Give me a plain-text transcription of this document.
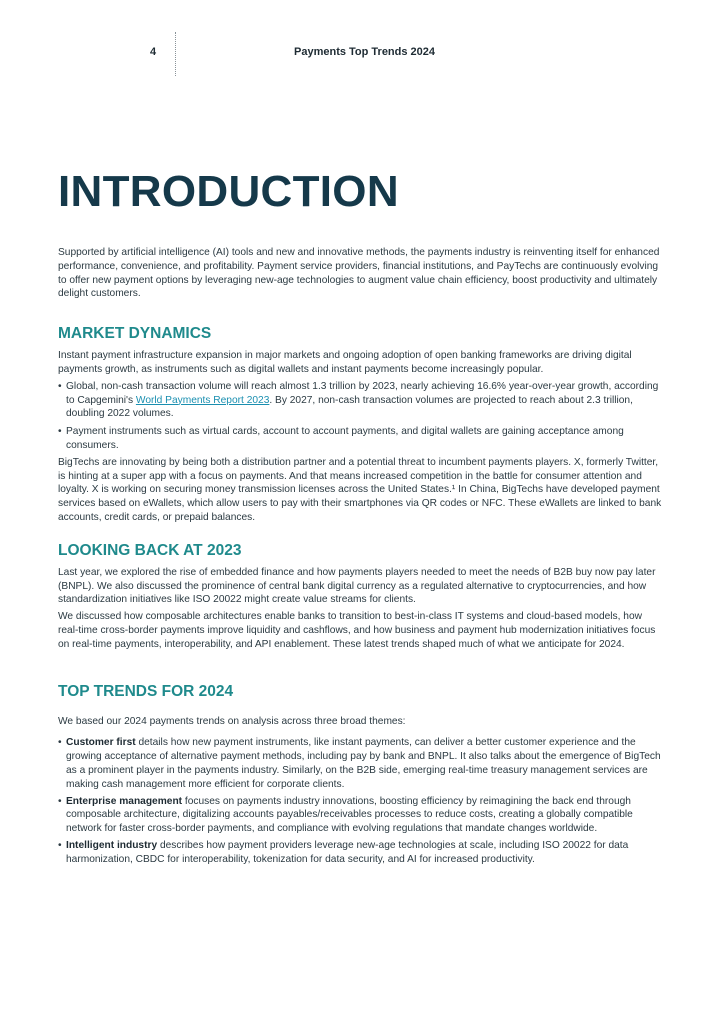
4	Payments Top Trends 2024
INTRODUCTION

Supported by artificial intelligence (AI) tools and new and innovative methods, the payments industry is reinventing itself for enhanced performance, convenience, and profitability. Payment service providers, financial institutions, and PayTechs are continuously evolving to offer new payment options by leveraging new-age technologies to augment value chain efficiency, boost productivity and ultimately delight customers.

MARKET DYNAMICS

Instant payment infrastructure expansion in major markets and ongoing adoption of open banking frameworks are driving digital payments growth, as instruments such as digital wallets and instant payments become increasingly popular.

• Global, non-cash transaction volume will reach almost 1.3 trillion by 2023, nearly achieving 16.6% year-over-year growth, according to Capgemini's World Payments Report 2023. By 2027, non-cash transaction volumes are projected to reach about 2.3 trillion, doubling 2022 volumes.
• Payment instruments such as virtual cards, account to account payments, and digital wallets are gaining acceptance among consumers.

BigTechs are innovating by being both a distribution partner and a potential threat to incumbent payments players. X, formerly Twitter, is hinting at a super app with a focus on payments. And that means increased competition in the battle for consumer attention and loyalty. X is working on securing money transmission licenses across the United States.¹ In China, BigTechs have developed payment services based on eWallets, which allow users to pay with their smartphones via QR codes or NFC. These eWallets are linked to bank accounts, credit cards, or prepaid balances.

LOOKING BACK AT 2023

Last year, we explored the rise of embedded finance and how payments players needed to meet the needs of B2B buy now pay later (BNPL). We also discussed the prominence of central bank digital currency as a regulated alternative to cryptocurrencies, and how standardization initiatives like ISO 20022 might create value streams for clients.

We discussed how composable architectures enable banks to transition to best-in-class IT systems and cloud-based models, how real-time cross-border payments improve liquidity and cashflows, and how business and payment hub modernization initiatives focus on real-time payments, interoperability, and API enablement. These latest trends shaped much of what we anticipate for 2024.

TOP TRENDS FOR 2024

We based our 2024 payments trends on analysis across three broad themes:

• Customer first details how new payment instruments, like instant payments, can deliver a better customer experience and the growing acceptance of alternative payment methods, including pay by bank and BNPL. It also talks about the emergence of BigTech as a prominent player in the payments industry. Similarly, on the B2B side, emerging real-time treasury management services are making cash management more efficient for corporate clients.
• Enterprise management focuses on payments industry innovations, boosting efficiency by reimagining the back end through composable architecture, digitalizing accounts payables/receivables processes to reduce costs, creating a globally compatible network for faster cross-border payments, and compliance with evolving regulations that mandate changes worldwide.
• Intelligent industry describes how payment providers leverage new-age technologies at scale, including ISO 20022 for data harmonization, CBDC for interoperability, tokenization for data security, and AI for increased productivity.
